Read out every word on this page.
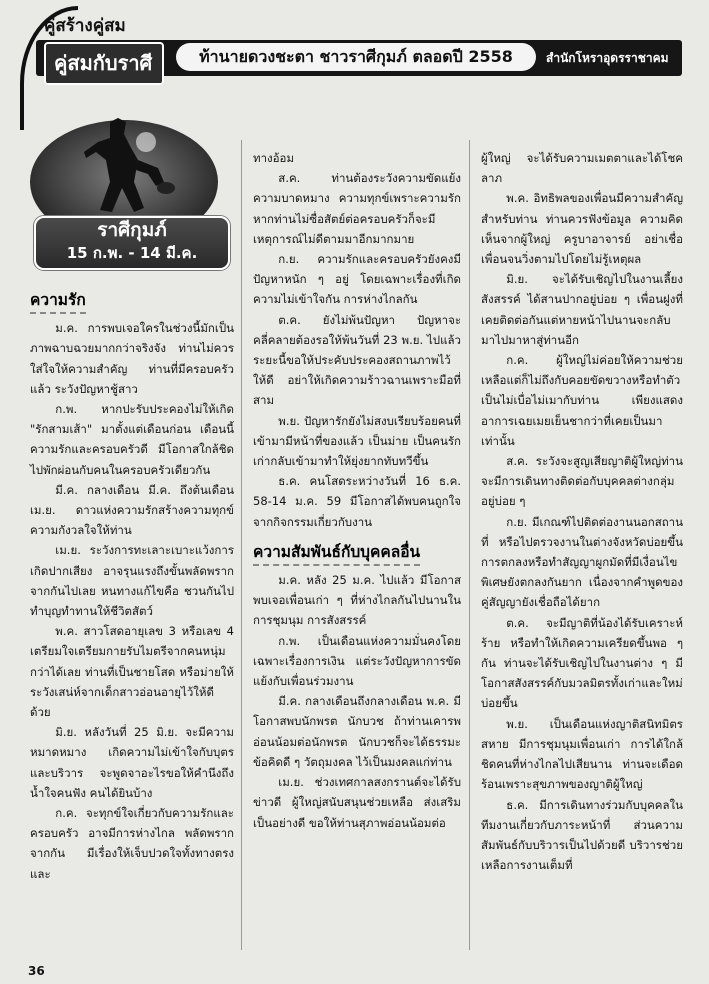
คู่สร้างคู่สม
คู่สมกับราศี	ท้านายดวงชะตา ชาวราศีกุมภ์ ตลอดปี 2558	สำนักโหราอุดรราชาคม
ราศีกุมภ์
15 ก.พ. - 14 มี.ค.
ความรัก

ม.ค. การพบเจอใครในช่วงนี้มักเป็นภาพฉาบฉวยมากกว่าจริงจัง ท่านไม่ควรใส่ใจให้ความสำคัญ ท่านที่มีครอบครัวแล้ว ระวังปัญหาชู้สาว

ก.พ. หากปะรับประคองไม่ให้เกิด "รักสามเส้า" มาตั้งแต่เดือนก่อน เดือนนี้ความรักและครอบครัวดี มีโอกาสใกล้ชิดไปพักผ่อนกับคนในครอบครัวเดียวกัน

มี.ค. กลางเดือน มี.ค. ถึงต้นเดือนเม.ย. ดาวแห่งความรักสร้างความทุกข์ความกังวลใจให้ท่าน

เม.ย. ระวังการทะเลาะเบาะแว้งการเกิดปากเสียง อาจรุนแรงถึงขั้นพลัดพรากจากกันไปเลย หนทางแก้ไขคือ ชวนกันไปทำบุญทำทานให้ชีวิตสัตว์

พ.ค. สาวโสดอายุเลข 3 หรือเลข 4 เตรียมใจเตรียมกายรับไมตรีจากคนหนุ่มกว่าได้เลย ท่านที่เป็นชายโสด หรือม่ายให้ระวังเสน่ห์จากเด็กสาวอ่อนอายุไว้ให้ดีด้วย

มิ.ย. หลังวันที่ 25 มิ.ย. จะมีความหมาดหมาง เกิดความไม่เข้าใจกับบุตรและบริวาร จะพูดจาอะไรขอให้คำนึงถึงน้ำใจคนฟัง คนได้ยินบ้าง

ก.ค. จะทุกข์ใจเกี่ยวกับความรักและครอบครัว อาจมีการห่างไกล พลัดพรากจากกัน มีเรื่องให้เจ็บปวดใจทั้งทางตรงและ

ทางอ้อม

ส.ค. ท่านต้องระวังความขัดแย้งความบาดหมาง ความทุกข์เพราะความรักหากท่านไม่ซื่อสัตย์ต่อครอบครัวก็จะมีเหตุการณ์ไม่ดีตามมาอีกมากมาย

ก.ย. ความรักและครอบครัวยังคงมีปัญหาหนัก ๆ อยู่ โดยเฉพาะเรื่องที่เกิดความไม่เข้าใจกัน การห่างไกลกัน

ต.ค. ยังไม่พ้นปัญหา ปัญหาจะคลี่คลายต้องรอให้พ้นวันที่ 23 พ.ย. ไปแล้ว ระยะนี้ขอให้ประคับประคองสถานภาพไว้ให้ดี อย่าให้เกิดความร้าวฉานเพราะมือที่สาม

พ.ย. ปัญหารักยังไม่สงบเรียบร้อยคนที่เข้ามามีหน้าที่ของแล้ว เป็นม่าย เป็นคนรักเก่ากลับเข้ามาทำให้ยุ่งยากทับทวีขึ้น

ธ.ค. คนโสดระหว่างวันที่ 16 ธ.ค. 58-14 ม.ค. 59 มีโอกาสได้พบคนถูกใจจากกิจกรรมเกี่ยวกับงาน

ความสัมพันธ์กับบุคคลอื่น

ม.ค. หลัง 25 ม.ค. ไปแล้ว มีโอกาสพบเจอเพื่อนเก่า ๆ ที่ห่างไกลกันไปนานในการชุมนุม การสังสรรค์

ก.พ. เป็นเดือนแห่งความมั่นคงโดยเฉพาะเรื่องการเงิน แต่ระวังปัญหาการขัดแย้งกับเพื่อนร่วมงาน

มี.ค. กลางเดือนถึงกลางเดือน พ.ค. มีโอกาสพบนักพรต นักบวช ถ้าท่านเคารพอ่อนน้อมต่อนักพรต นักบวชก็จะได้ธรรมะข้อคิดดี ๆ วัตถุมงคล ไว้เป็นมงคลแก่ท่าน

เม.ย. ช่วงเทศกาลสงกรานต์จะได้รับข่าวดี ผู้ใหญ่สนับสนุนช่วยเหลือ ส่งเสริมเป็นอย่างดี ขอให้ท่านสุภาพอ่อนน้อมต่อ

ผู้ใหญ่ จะได้รับความเมตตาและได้โชคลาภ

พ.ค. อิทธิพลของเพื่อนมีความสำคัญสำหรับท่าน ท่านควรฟังข้อมูล ความคิดเห็นจากผู้ใหญ่ ครูบาอาจารย์ อย่าเชื่อเพื่อนจนวิ่งตามไปโดยไม่รู้เหตุผล

มิ.ย. จะได้รับเชิญไปในงานเลี้ยงสังสรรค์ ได้สานปากอยู่บ่อย ๆ เพื่อนฝูงที่เคยติดต่อกันแต่หายหน้าไปนานจะกลับมาไปมาหาสู่ท่านอีก

ก.ค. ผู้ใหญ่ไม่ค่อยให้ความช่วยเหลือแต่ก็ไม่ถึงกับคอยขัดขวางหรือทำตัวเป็นไม่เบื่อไม่เมากับท่าน เพียงแสดงอาการเฉยเมยเย็นชากว่าที่เคยเป็นมาเท่านั้น

ส.ค. ระวังจะสูญเสียญาติผู้ใหญ่ท่านจะมีการเดินทางติดต่อกับบุคคลต่างกลุ่มอยู่บ่อย ๆ

ก.ย. มีเกณฑ์ไปติดต่องานนอกสถานที่ หรือไปตรวจงานในต่างจังหวัดบ่อยขึ้น การตกลงหรือทำสัญญาผูกมัดที่มีเงื่อนไขพิเศษยังตกลงกันยาก เนื่องจากคำพูดของคู่สัญญายังเชื่อถือได้ยาก

ต.ค. จะมีญาติที่น้องได้รับเคราะห์ร้าย หรือทำให้เกิดความเครียดขึ้นพอ ๆ กัน ท่านจะได้รับเชิญไปในงานต่าง ๆ มีโอกาสสังสรรค์กับมวลมิตรทั้งเก่าและใหม่บ่อยขึ้น

พ.ย. เป็นเดือนแห่งญาติสนิทมิตรสหาย มีการชุมนุมเพื่อนเก่า การได้ใกล้ชิดคนที่ห่างไกลไปเสียนาน ท่านจะเดือดร้อนเพราะสุขภาพของญาติผู้ใหญ่

ธ.ค. มีการเดินทางร่วมกับบุคคลในทีมงานเกี่ยวกับภาระหน้าที่ ส่วนความสัมพันธ์กับบริวารเป็นไปด้วยดี บริวารช่วยเหลือการงานเต็มที่

36
